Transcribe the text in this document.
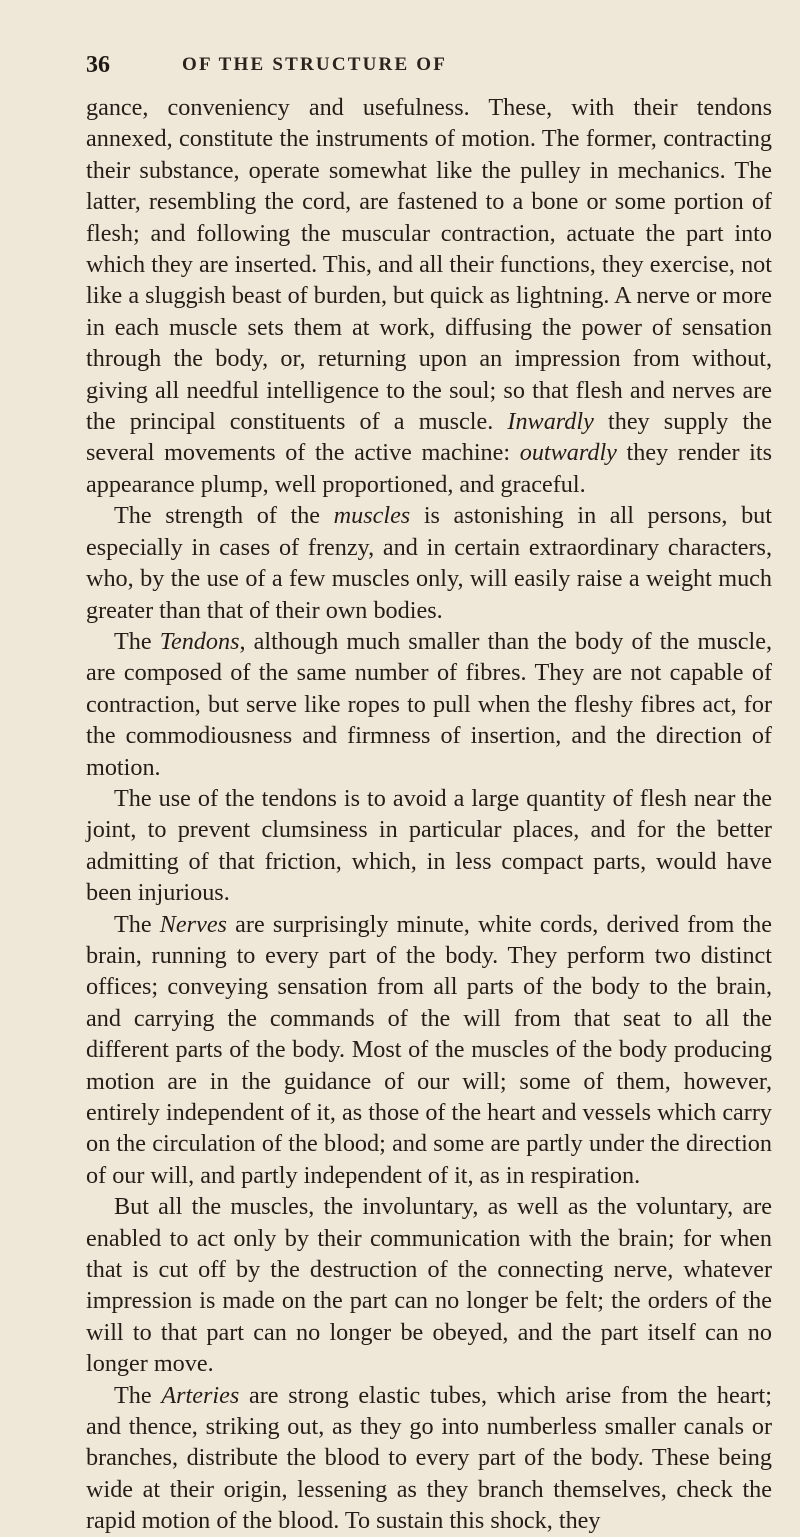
36	OF THE STRUCTURE OF

gance, conveniency and usefulness. These, with their tendons annexed, constitute the instruments of motion. The former, contracting their substance, operate somewhat like the pulley in mechanics. The latter, resembling the cord, are fastened to a bone or some portion of flesh; and following the muscular contraction, actuate the part into which they are inserted. This, and all their functions, they exercise, not like a sluggish beast of burden, but quick as lightning. A nerve or more in each muscle sets them at work, diffusing the power of sensation through the body, or, returning upon an impression from without, giving all needful intelligence to the soul; so that flesh and nerves are the principal constituents of a muscle. Inwardly they supply the several movements of the active machine: outwardly they render its appearance plump, well proportioned, and graceful.

The strength of the muscles is astonishing in all persons, but especially in cases of frenzy, and in certain extraordinary characters, who, by the use of a few muscles only, will easily raise a weight much greater than that of their own bodies.

The Tendons, although much smaller than the body of the muscle, are composed of the same number of fibres. They are not capable of contraction, but serve like ropes to pull when the fleshy fibres act, for the commodiousness and firmness of insertion, and the direction of motion.

The use of the tendons is to avoid a large quantity of flesh near the joint, to prevent clumsiness in particular places, and for the better admitting of that friction, which, in less compact parts, would have been injurious.

The Nerves are surprisingly minute, white cords, derived from the brain, running to every part of the body. They perform two distinct offices; conveying sensation from all parts of the body to the brain, and carrying the commands of the will from that seat to all the different parts of the body. Most of the muscles of the body producing motion are in the guidance of our will; some of them, however, entirely independent of it, as those of the heart and vessels which carry on the circulation of the blood; and some are partly under the direction of our will, and partly independent of it, as in respiration.

But all the muscles, the involuntary, as well as the voluntary, are enabled to act only by their communication with the brain; for when that is cut off by the destruction of the connecting nerve, whatever impression is made on the part can no longer be felt; the orders of the will to that part can no longer be obeyed, and the part itself can no longer move.

The Arteries are strong elastic tubes, which arise from the heart; and thence, striking out, as they go into numberless smaller canals or branches, distribute the blood to every part of the body. These being wide at their origin, lessening as they branch themselves, check the rapid motion of the blood. To sustain this shock, they
